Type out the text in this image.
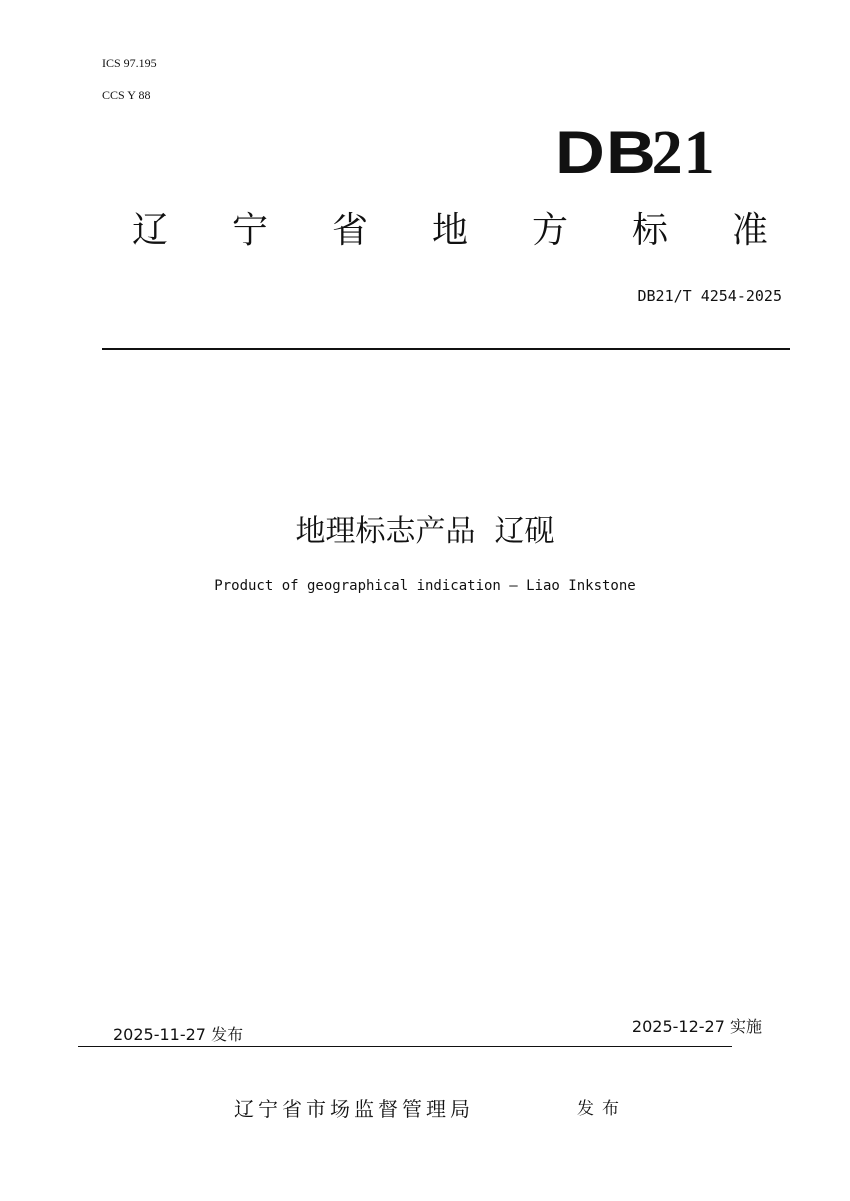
ICS 97.195
CCS Y 88
DB21
辽	宁	省	地	方	标	准
DB21/T 4254-2025
地理标志产品  辽砚
Product of geographical indication — Liao Inkstone
2025-11-27 发布	2025-12-27 实施
辽宁省市场监督管理局	发布
